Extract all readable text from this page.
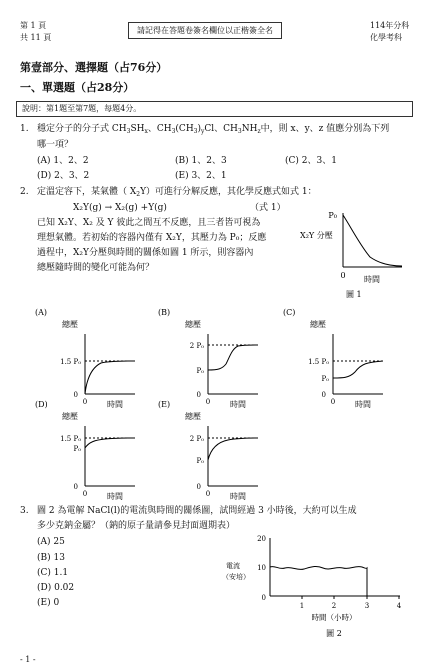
第 1 頁
共 11 頁
請記得在答題卷簽名欄位以正楷簽全名
114年分科
化學考科
第壹部分、選擇題（占76分）
一、單選題（占28分）
說明：第1題至第7題，每題4分。
1. 穩定分子的分子式 $CH_3SH_x$、$CH_3(CH_3)_yCl$、$CH_3NH_z$中，則 x、y、z 值應分別為下列
哪一項？
(A) 1、2、2	(B) 1、2、3	(C) 2、3、1
(D) 2、3、2	(E) 3、2、1
2. 定溫定容下，某氣體（ $X_2Y$）可進行分解反應，其化學反應式如式 1：
X₂Y(g) → X₂(g) +Y(g)	（式 1）
已知 X₂Y、X₂ 及 Y 彼此之間互不反應，且三者皆可視為
理想氣體。若初始的容器內僅有 X₂Y，其壓力為 P₀；反應
過程中，X₂Y分壓與時間的關係如圖 1 所示，則容器內
總壓隨時間的變化可能為何？
P₀
X₂Y 分壓
0 時間
圖 1
(A)
總壓
1.5 P₀
0
0 時間
(B)
總壓
2 P₀
P₀
0
0 時間
(C)
總壓
1.5 P₀
P₀
0
0 時間
(D)
總壓
1.5 P₀
P₀
0
0 時間
(E)
總壓
2 P₀
P₀
0
0 時間
3. 圖 2 為電解 NaCl(l)的電流與時間的關係圖，試問經過 3 小時後，大約可以生成
多少克鈉金屬？（鈉的原子量請參見封面週期表）
(A) 25
(B) 13
(C) 1.1
(D) 0.02
(E) 0
20
10
0
電流
（安培）
1	2	3	4
時間（小時）
圖 2
- 1 -
